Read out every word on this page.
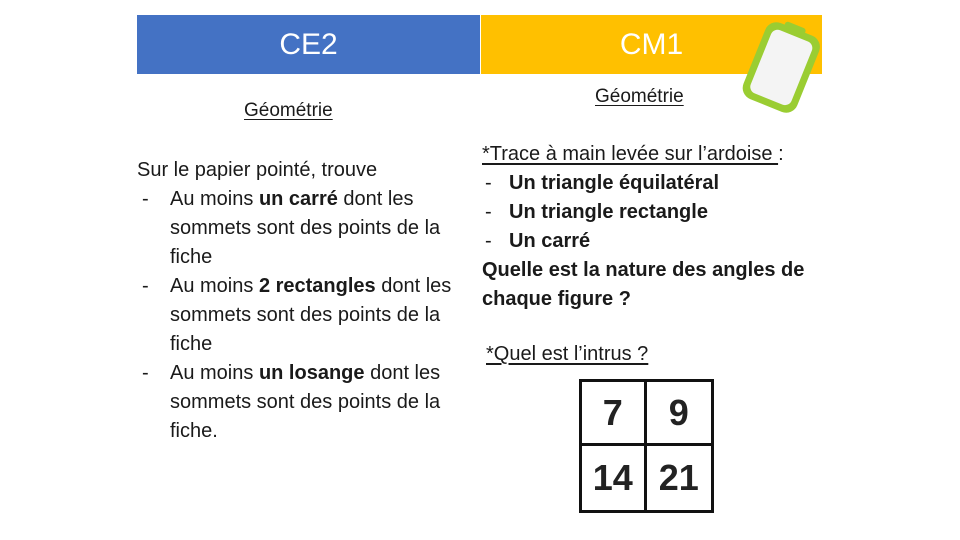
CE2	CM1
Géométrie
Géométrie
Sur le papier pointé, trouve
- Au moins un carré dont les sommets sont des points de la fiche
- Au moins 2 rectangles dont les sommets sont des points de la fiche
- Au moins un losange dont les sommets sont des points de la fiche.
*Trace à main levée sur l’ardoise :
- Un triangle équilatéral
- Un triangle rectangle
- Un carré
Quelle est la nature des angles de chaque figure ?
*Quel est l’intrus ?
7	9
14 21
